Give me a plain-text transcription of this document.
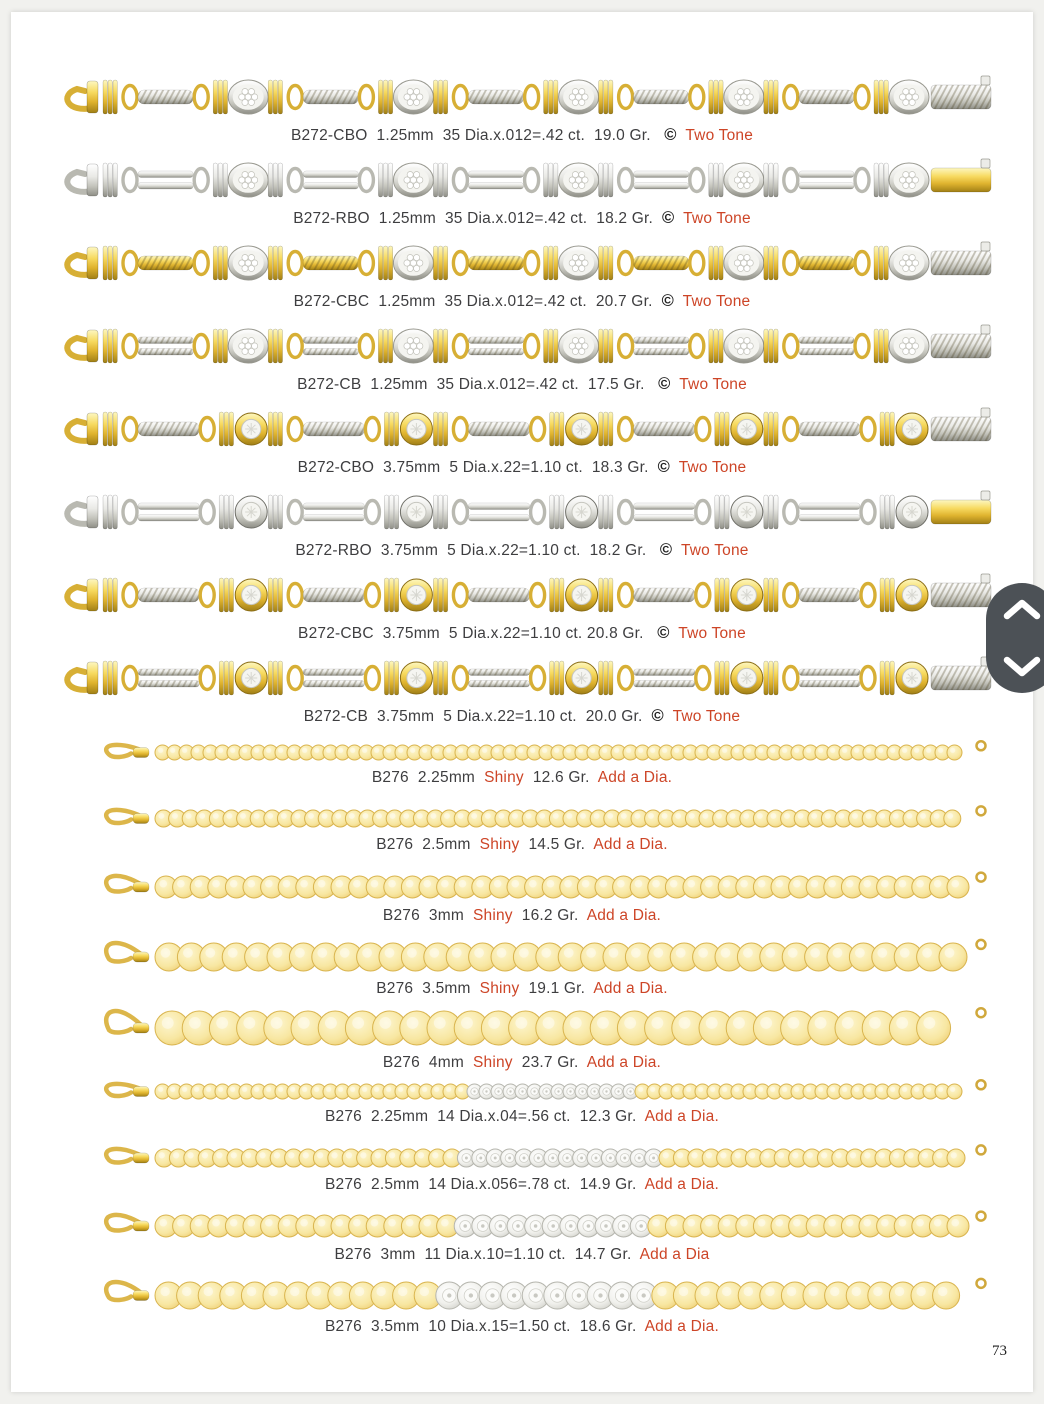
B272-CBO  1.25mm  35 Dia.x.012=.42 ct.  19.0 Gr.   ©  Two Tone
B272-RBO  1.25mm  35 Dia.x.012=.42 ct.  18.2 Gr.  ©  Two Tone
B272-CBC  1.25mm  35 Dia.x.012=.42 ct.  20.7 Gr.  ©  Two Tone
B272-CB  1.25mm  35 Dia.x.012=.42 ct.  17.5 Gr.   ©  Two Tone
B272-CBO  3.75mm  5 Dia.x.22=1.10 ct.  18.3 Gr.  ©  Two Tone
B272-RBO  3.75mm  5 Dia.x.22=1.10 ct.  18.2 Gr.   ©  Two Tone
B272-CBC  3.75mm  5 Dia.x.22=1.10 ct. 20.8 Gr.   ©  Two Tone
B272-CB  3.75mm  5 Dia.x.22=1.10 ct.  20.0 Gr.  ©  Two Tone
B276  2.25mm  Shiny  12.6 Gr.  Add a Dia.
B276  2.5mm  Shiny  14.5 Gr.  Add a Dia.
B276  3mm  Shiny  16.2 Gr.  Add a Dia.
B276  3.5mm  Shiny  19.1 Gr.  Add a Dia.
B276  4mm  Shiny  23.7 Gr.  Add a Dia.
B276  2.25mm  14 Dia.x.04=.56 ct.  12.3 Gr.  Add a Dia.
B276  2.5mm  14 Dia.x.056=.78 ct.  14.9 Gr.  Add a Dia.
B276  3mm  11 Dia.x.10=1.10 ct.  14.7 Gr.  Add a Dia
B276  3.5mm  10 Dia.x.15=1.50 ct.  18.6 Gr.  Add a Dia.
73
